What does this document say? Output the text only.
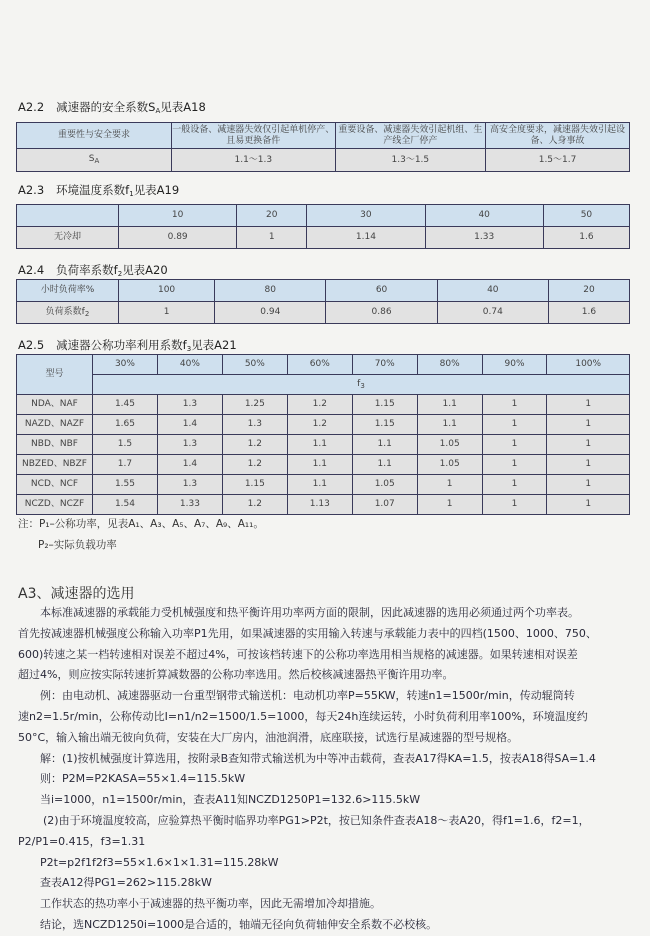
A2.2 减速器的安全系数$S_A$见表A18
重要性与安全要求	一般设备、减速器失效仅引起单机停产、且易更换备件	重要设备、减速器失效引起机组、生产线全厂停产	高安全度要求，减速器失效引起设备、人身事故
$S_A$	1.1～1.3	1.3～1.5	1.5～1.7
A2.3 环境温度系数$f_1$见表A19
	10	20	30	40	50
无冷却	0.89	1	1.14	1.33	1.6
A2.4 负荷率系数$f_2$见表A20
小时负荷率%	100	80	60	40	20
负荷系数$f_2$	1	0.94	0.86	0.74	1.6
A2.5 减速器公称功率利用系数$f_3$见表A21
型号	30%	40%	50%	60%	70%	80%	90%	100%
	$f_3$
NDA、NAF	1.45	1.3	1.25	1.2	1.15	1.1	1	1
NAZD、NAZF	1.65	1.4	1.3	1.2	1.15	1.1	1	1
NBD、NBF	1.5	1.3	1.2	1.1	1.1	1.05	1	1
NBZED、NBZF	1.7	1.4	1.2	1.1	1.1	1.05	1	1
NCD、NCF	1.55	1.3	1.15	1.1	1.05	1	1	1
NCZD、NCZF	1.54	1.33	1.2	1.13	1.07	1	1	1
注：P₁–公称功率，见表A₁、A₃、A₅、A₇、A₉、A₁₁。
P₂–实际负载功率
A3、减速器的选用

本标准减速器的承载能力受机械强度和热平衡许用功率两方面的限制，因此减速器的选用必须通过两个功率表。

首先按减速器机械强度公称输入功率P1先用，如果减速器的实用输入转速与承载能力表中的四档(1500、1000、750、

600)转速之某一档转速相对误差不超过4%，可按该档转速下的公称功率选用相当规格的减速器。如果转速相对误差

超过4%，则应按实际转速折算减数器的公称功率选用。然后校核减速器热平衡许用功率。

例：由电动机、减速器驱动一台重型钢带式输送机：电动机功率P=55KW，转速n1=1500r/min，传动辊筒转

速n2=1.5r/min，公称传动比I=n1/n2=1500/1.5=1000，每天24h连续运转，小时负荷利用率100%，环境温度约

50°C，输入输出端无彼向负荷，安装在大厂房内，油池润滑，底座联接，试选行星减速器的型号规格。

解：(1)按机械强度计算选用，按附录B查知带式输送机为中等冲击载荷，查表A17得KA=1.5，按表A18得SA=1.4

则：P2M=P2KASA=55×1.4=115.5kW

当i=1000，n1=1500r/min，查表A11知NCZD1250P1=132.6>115.5kW

(2)由于环境温度较高，应验算热平衡时临界功率PG1>P2t，按已知条件查表A18～表A20，得f1=1.6，f2=1，

P2/P1=0.415，f3=1.31

P2t=p2f1f2f3=55×1.6×1×1.31=115.28kW

查表A12得PG1=262>115.28kW

工作状态的热功率小于减速器的热平衡功率，因此无需增加冷却措施。

结论，选NCZD1250i=1000是合适的，轴端无径向负荷轴伸安全系数不必校核。
